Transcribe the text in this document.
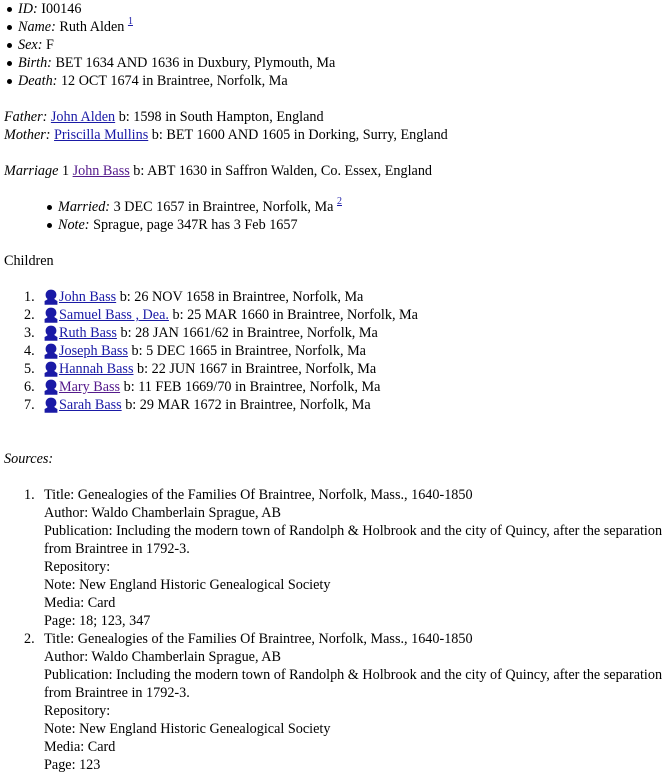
ID: I00146
Name: Ruth Alden $^1$
Sex: F
Birth: BET 1634 AND 1636 in Duxbury, Plymouth, Ma
Death: 12 OCT 1674 in Braintree, Norfolk, Ma
Father: John Alden b: 1598 in South Hampton, England
Mother: Priscilla Mullins b: BET 1600 AND 1605 in Dorking, Surry, England
Marriage 1 John Bass b: ABT 1630 in Saffron Walden, Co. Essex, England
Married: 3 DEC 1657 in Braintree, Norfolk, Ma $^2$
Note: Sprague, page 347R has 3 Feb 1657
Children
1.	John Bass
b: 26 NOV 1658 in Braintree, Norfolk, Ma
2.	Samuel Bass , Dea.
b: 25 MAR 1660 in Braintree, Norfolk, Ma
3.	Ruth Bass
b: 28 JAN 1661/62 in Braintree, Norfolk, Ma
4.	Joseph Bass
b: 5 DEC 1665 in Braintree, Norfolk, Ma
5.	Hannah Bass
b: 22 JUN 1667 in Braintree, Norfolk, Ma
6.	Mary Bass
b: 11 FEB 1669/70 in Braintree, Norfolk, Ma
7.	Sarah Bass
b: 29 MAR 1672 in Braintree, Norfolk, Ma
Sources:
1. Title: Genealogies of the Families Of Braintree, Norfolk, Mass., 1640-1850
Author: Waldo Chamberlain Sprague, AB
Publication: Including the modern town of Randolph & Holbrook and the city of Quincy, after the separation from Braintree in 1792-3.
Repository:
Note: New England Historic Genealogical Society
Media: Card
Page: 18; 123, 347
2. Title: Genealogies of the Families Of Braintree, Norfolk, Mass., 1640-1850
Author: Waldo Chamberlain Sprague, AB
Publication: Including the modern town of Randolph & Holbrook and the city of Quincy, after the separation from Braintree in 1792-3.
Repository:
Note: New England Historic Genealogical Society
Media: Card
Page: 123
